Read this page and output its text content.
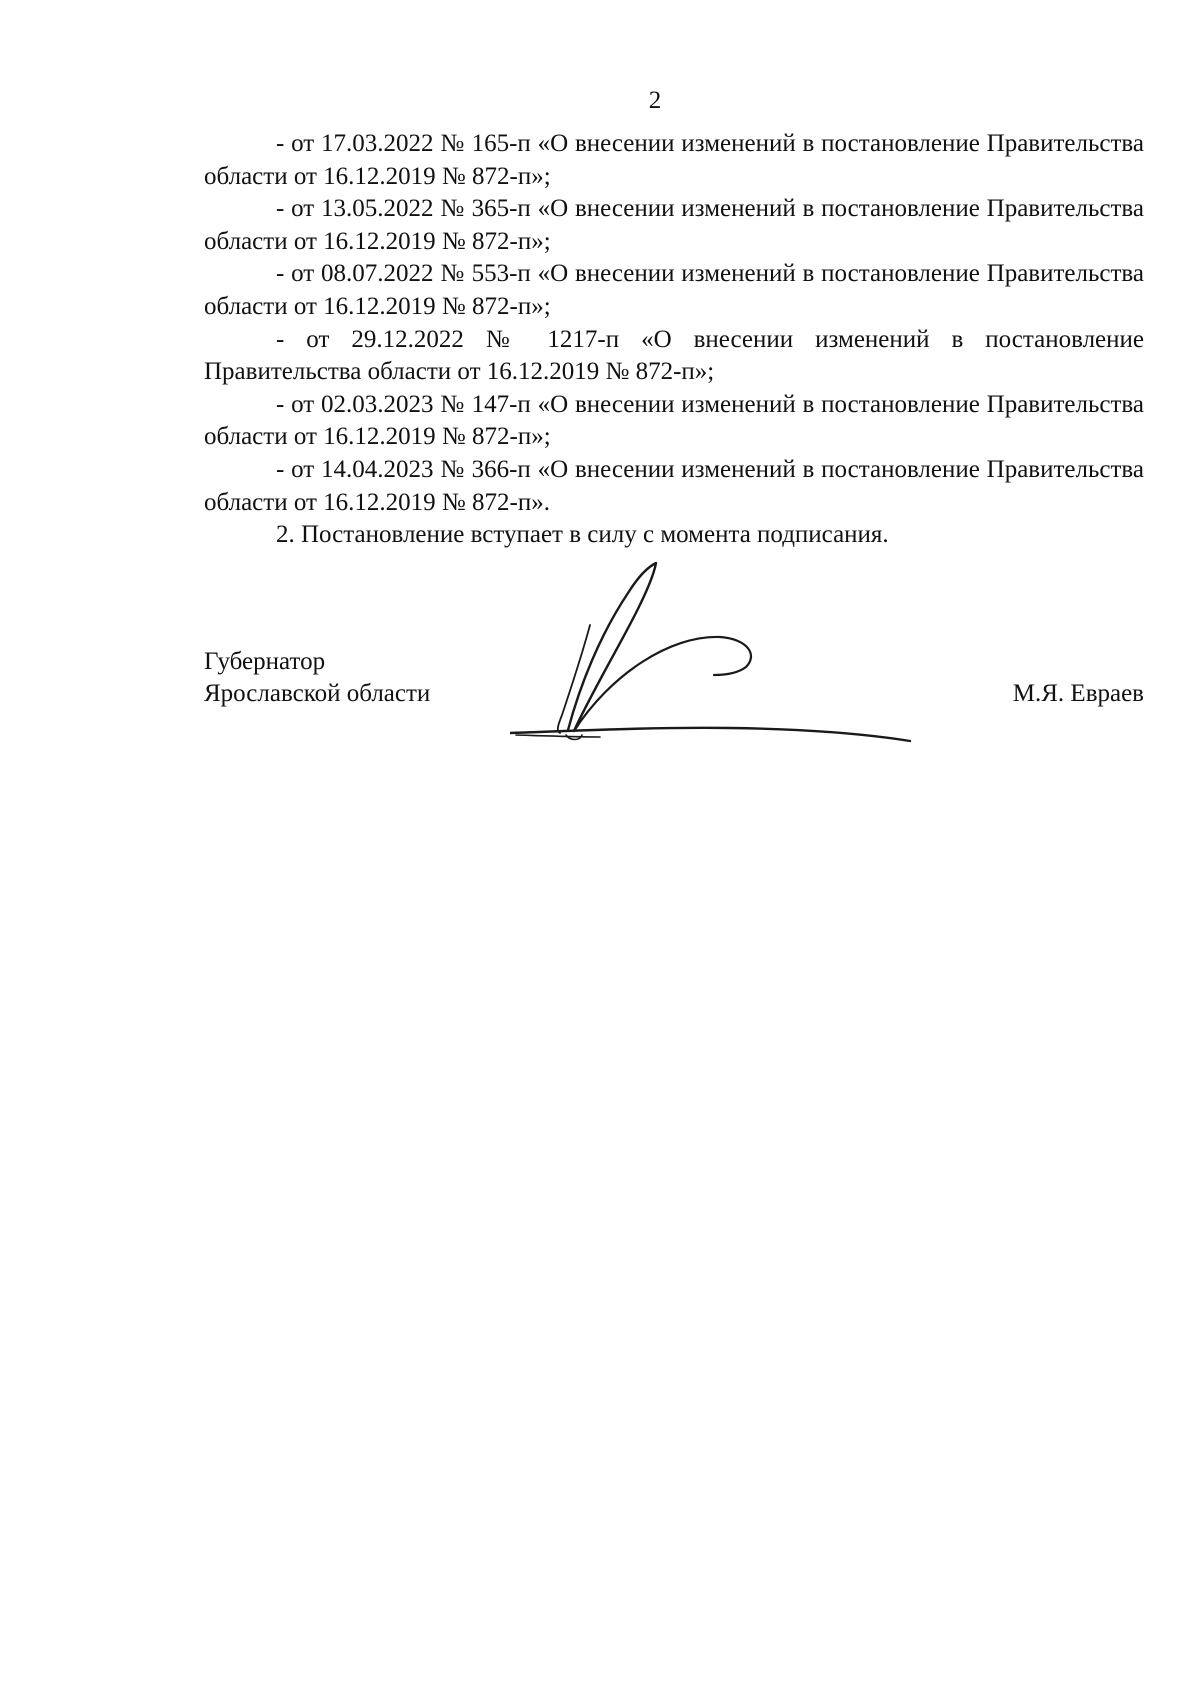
2

- от 17.03.2022 № 165-п «О внесении изменений в постановление Правительства области от 16.12.2019 № 872-п»;

- от 13.05.2022 № 365-п «О внесении изменений в постановление Правительства области от 16.12.2019 № 872-п»;

- от 08.07.2022 № 553-п «О внесении изменений в постановление Правительства области от 16.12.2019 № 872-п»;

- от 29.12.2022 № 1217-п «О внесении изменений в постановление Правительства области от 16.12.2019 № 872-п»;

- от 02.03.2023 № 147-п «О внесении изменений в постановление Правительства области от 16.12.2019 № 872-п»;

- от 14.04.2023 № 366-п «О внесении изменений в постановление Правительства области от 16.12.2019 № 872-п».

2. Постановление вступает в силу с момента подписания.

Губернатор
Ярославской области	М.Я. Евраев
